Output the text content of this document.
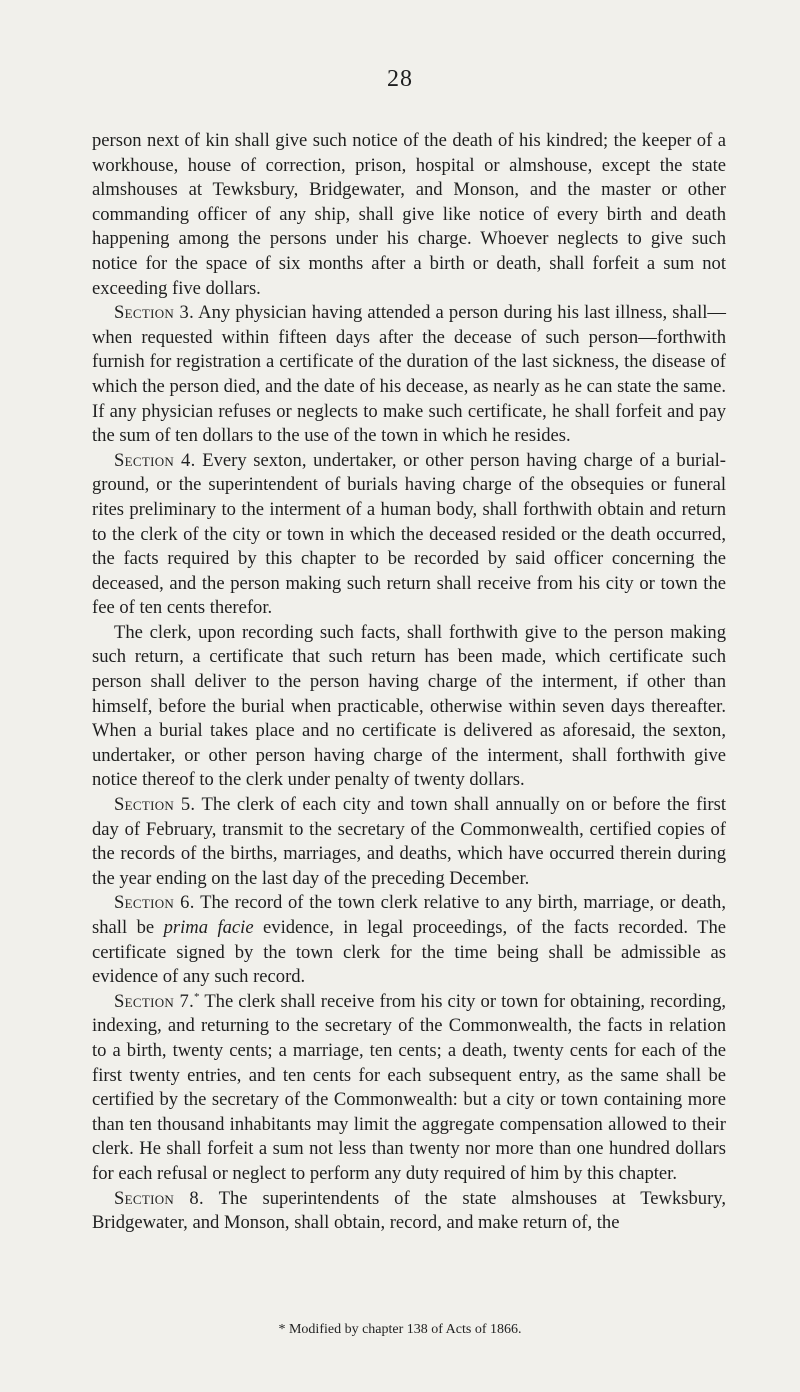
28

person next of kin shall give such notice of the death of his kindred; the keeper of a workhouse, house of correction, prison, hospital or almshouse, except the state almshouses at Tewksbury, Bridgewater, and Monson, and the master or other commanding officer of any ship, shall give like notice of every birth and death happening among the persons under his charge. Whoever neglects to give such notice for the space of six months after a birth or death, shall forfeit a sum not exceeding five dollars.

Section 3. Any physician having attended a person during his last illness, shall—when requested within fifteen days after the decease of such person—forthwith furnish for registration a certificate of the duration of the last sickness, the disease of which the person died, and the date of his decease, as nearly as he can state the same. If any physician refuses or neglects to make such certificate, he shall forfeit and pay the sum of ten dollars to the use of the town in which he resides.

Section 4. Every sexton, undertaker, or other person having charge of a burial-ground, or the superintendent of burials having charge of the obsequies or funeral rites preliminary to the interment of a human body, shall forthwith obtain and return to the clerk of the city or town in which the deceased resided or the death occurred, the facts required by this chapter to be recorded by said officer concerning the deceased, and the person making such return shall receive from his city or town the fee of ten cents therefor.

The clerk, upon recording such facts, shall forthwith give to the person making such return, a certificate that such return has been made, which certificate such person shall deliver to the person having charge of the interment, if other than himself, before the burial when practicable, otherwise within seven days thereafter. When a burial takes place and no certificate is delivered as aforesaid, the sexton, undertaker, or other person having charge of the interment, shall forthwith give notice thereof to the clerk under penalty of twenty dollars.

Section 5. The clerk of each city and town shall annually on or before the first day of February, transmit to the secretary of the Commonwealth, certified copies of the records of the births, marriages, and deaths, which have occurred therein during the year ending on the last day of the preceding December.

Section 6. The record of the town clerk relative to any birth, marriage, or death, shall be prima facie evidence, in legal proceedings, of the facts recorded. The certificate signed by the town clerk for the time being shall be admissible as evidence of any such record.

Section 7.* The clerk shall receive from his city or town for obtaining, recording, indexing, and returning to the secretary of the Commonwealth, the facts in relation to a birth, twenty cents; a marriage, ten cents; a death, twenty cents for each of the first twenty entries, and ten cents for each subsequent entry, as the same shall be certified by the secretary of the Commonwealth: but a city or town containing more than ten thousand inhabitants may limit the aggregate compensation allowed to their clerk. He shall forfeit a sum not less than twenty nor more than one hundred dollars for each refusal or neglect to perform any duty required of him by this chapter.

Section 8. The superintendents of the state almshouses at Tewksbury, Bridgewater, and Monson, shall obtain, record, and make return of, the

* Modified by chapter 138 of Acts of 1866.
